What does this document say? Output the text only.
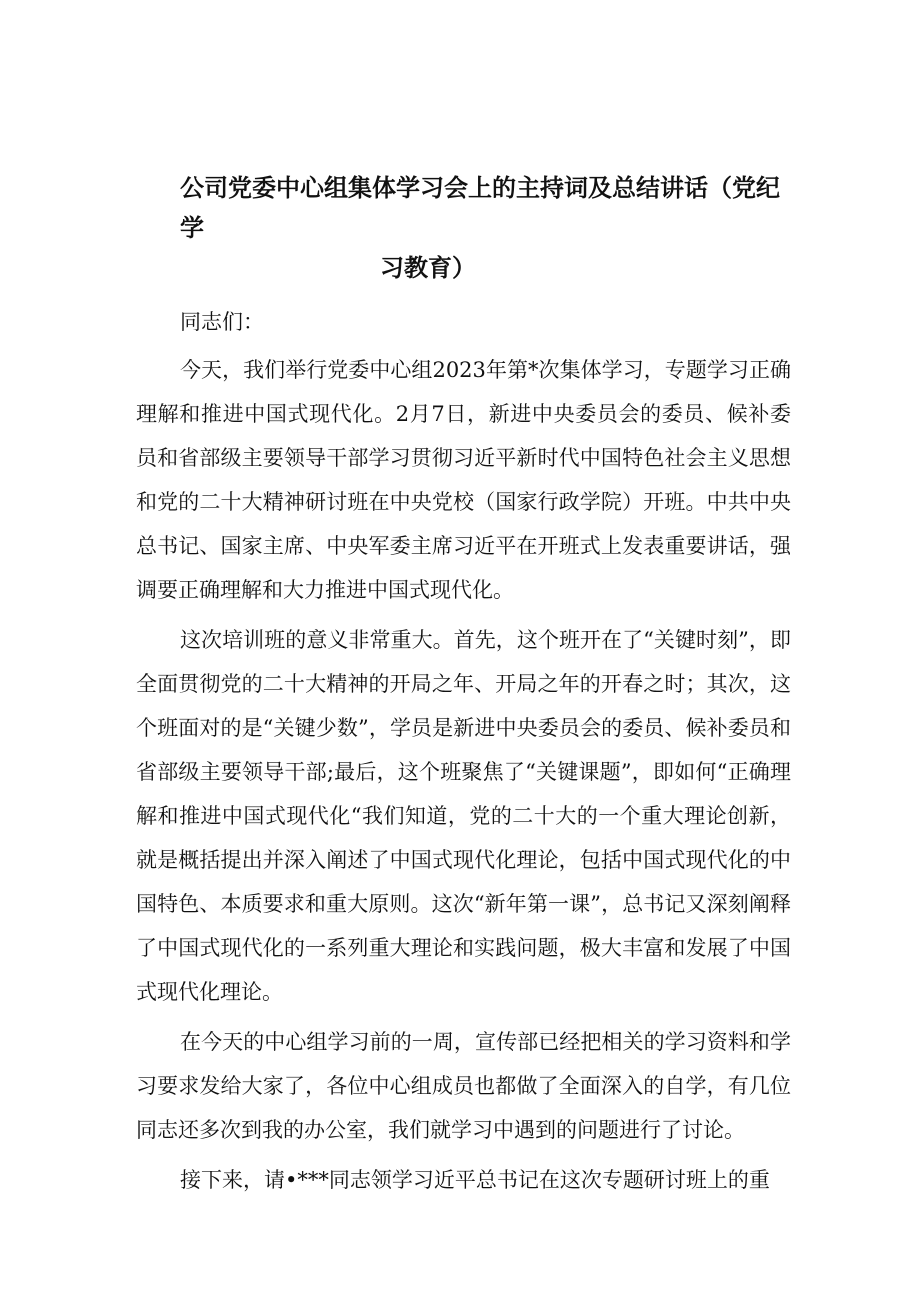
公司党委中心组集体学习会上的主持词及总结讲话（党纪学
习教育）

同志们：

今天，我们举行党委中心组2023年第*次集体学习，专题学习正确理解和推进中国式现代化。2月7日，新进中央委员会的委员、候补委员和省部级主要领导干部学习贯彻习近平新时代中国特色社会主义思想和党的二十大精神研讨班在中央党校（国家行政学院）开班。中共中央总书记、国家主席、中央军委主席习近平在开班式上发表重要讲话，强调要正确理解和大力推进中国式现代化。

这次培训班的意义非常重大。首先，这个班开在了“关键时刻”，即全面贯彻党的二十大精神的开局之年、开局之年的开春之时；其次，这个班面对的是“关键少数”，学员是新进中央委员会的委员、候补委员和省部级主要领导干部;最后，这个班聚焦了“关键课题”，即如何“正确理解和推进中国式现代化“我们知道，党的二十大的一个重大理论创新，就是概括提出并深入阐述了中国式现代化理论，包括中国式现代化的中国特色、本质要求和重大原则。这次“新年第一课”，总书记又深刻阐释了中国式现代化的一系列重大理论和实践问题，极大丰富和发展了中国式现代化理论。

在今天的中心组学习前的一周，宣传部已经把相关的学习资料和学习要求发给大家了，各位中心组成员也都做了全面深入的自学，有几位同志还多次到我的办公室，我们就学习中遇到的问题进行了讨论。

接下来，请•***同志领学习近平总书记在这次专题研讨班上的重
